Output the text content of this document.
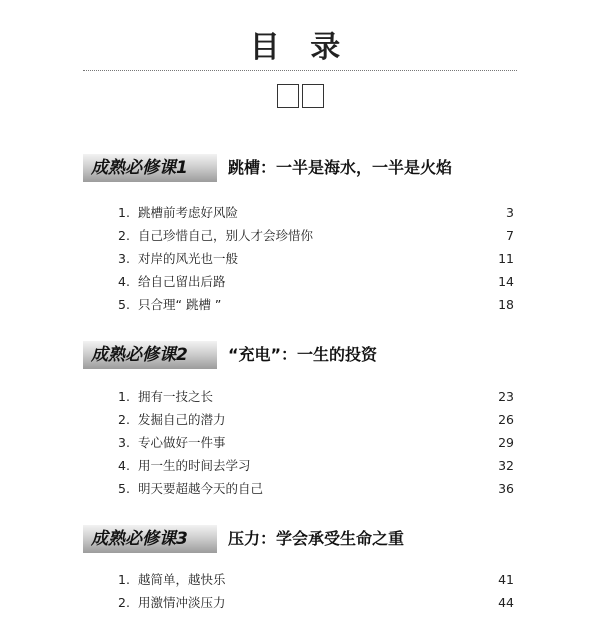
目 录
成熟必修课1	跳槽：一半是海水，一半是火焰
1. 跳槽前考虑好风险	3
2. 自己珍惜自己，别人才会珍惜你	7
3. 对岸的风光也一般	11
4. 给自己留出后路	14
5. 只合理“ 跳槽 ”	18
成熟必修课2	“充电”：一生的投资
1. 拥有一技之长	23
2. 发掘自己的潜力	26
3. 专心做好一件事	29
4. 用一生的时间去学习	32
5. 明天要超越今天的自己	36
成熟必修课3	压力：学会承受生命之重
1. 越简单，越快乐	41
2. 用激情冲淡压力	44
